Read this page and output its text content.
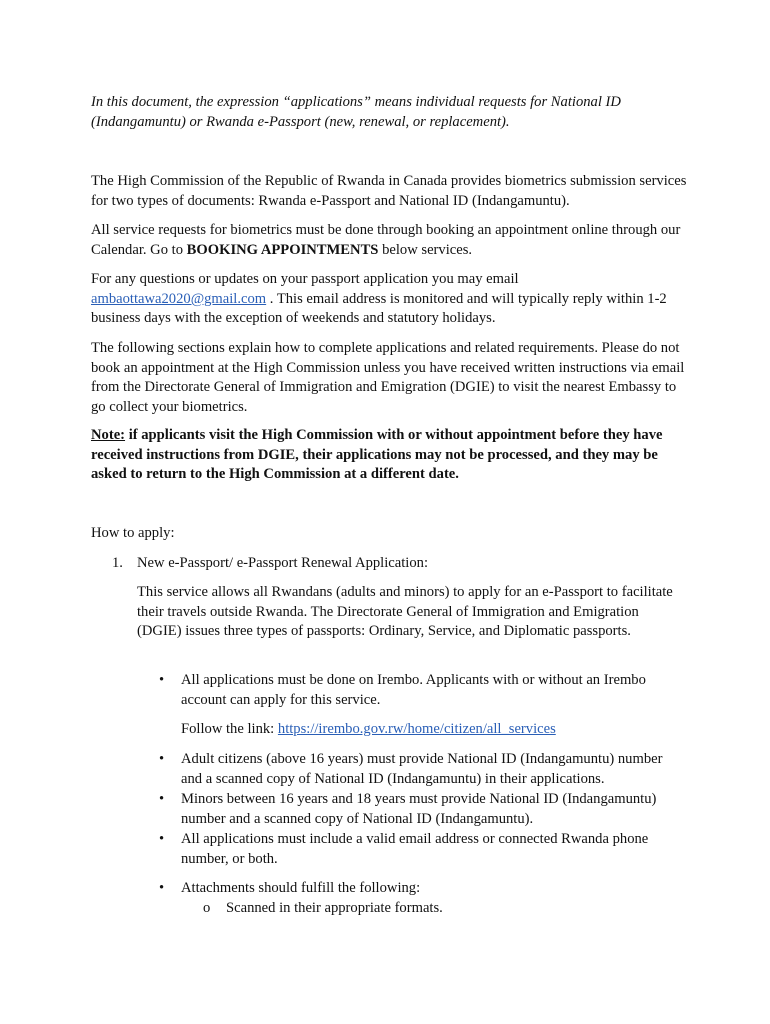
In this document, the expression “applications” means individual requests for National ID (Indangamuntu) or Rwanda e-Passport (new, renewal, or replacement).

The High Commission of the Republic of Rwanda in Canada provides biometrics submission services for two types of documents: Rwanda e-Passport and National ID (Indangamuntu).

All service requests for biometrics must be done through booking an appointment online through our Calendar. Go to BOOKING APPOINTMENTS below services.

For any questions or updates on your passport application you may email ambaottawa2020@gmail.com . This email address is monitored and will typically reply within 1-2 business days with the exception of weekends and statutory holidays.

The following sections explain how to complete applications and related requirements. Please do not book an appointment at the High Commission unless you have received written instructions via email from the Directorate General of Immigration and Emigration (DGIE) to visit the nearest Embassy to go collect your biometrics.

Note: if applicants visit the High Commission with or without appointment before they have received instructions from DGIE, their applications may not be processed, and they may be asked to return to the High Commission at a different date.

How to apply:

1. New e-Passport/ e-Passport Renewal Application:

This service allows all Rwandans (adults and minors) to apply for an e-Passport to facilitate their travels outside Rwanda. The Directorate General of Immigration and Emigration (DGIE) issues three types of passports: Ordinary, Service, and Diplomatic passports.

• All applications must be done on Irembo. Applicants with or without an Irembo account can apply for this service.

Follow the link: https://irembo.gov.rw/home/citizen/all_services

• Adult citizens (above 16 years) must provide National ID (Indangamuntu) number and a scanned copy of National ID (Indangamuntu) in their applications.

• Minors between 16 years and 18 years must provide National ID (Indangamuntu) number and a scanned copy of National ID (Indangamuntu).

• All applications must include a valid email address or connected Rwanda phone number, or both.

• Attachments should fulfill the following:

o Scanned in their appropriate formats.
